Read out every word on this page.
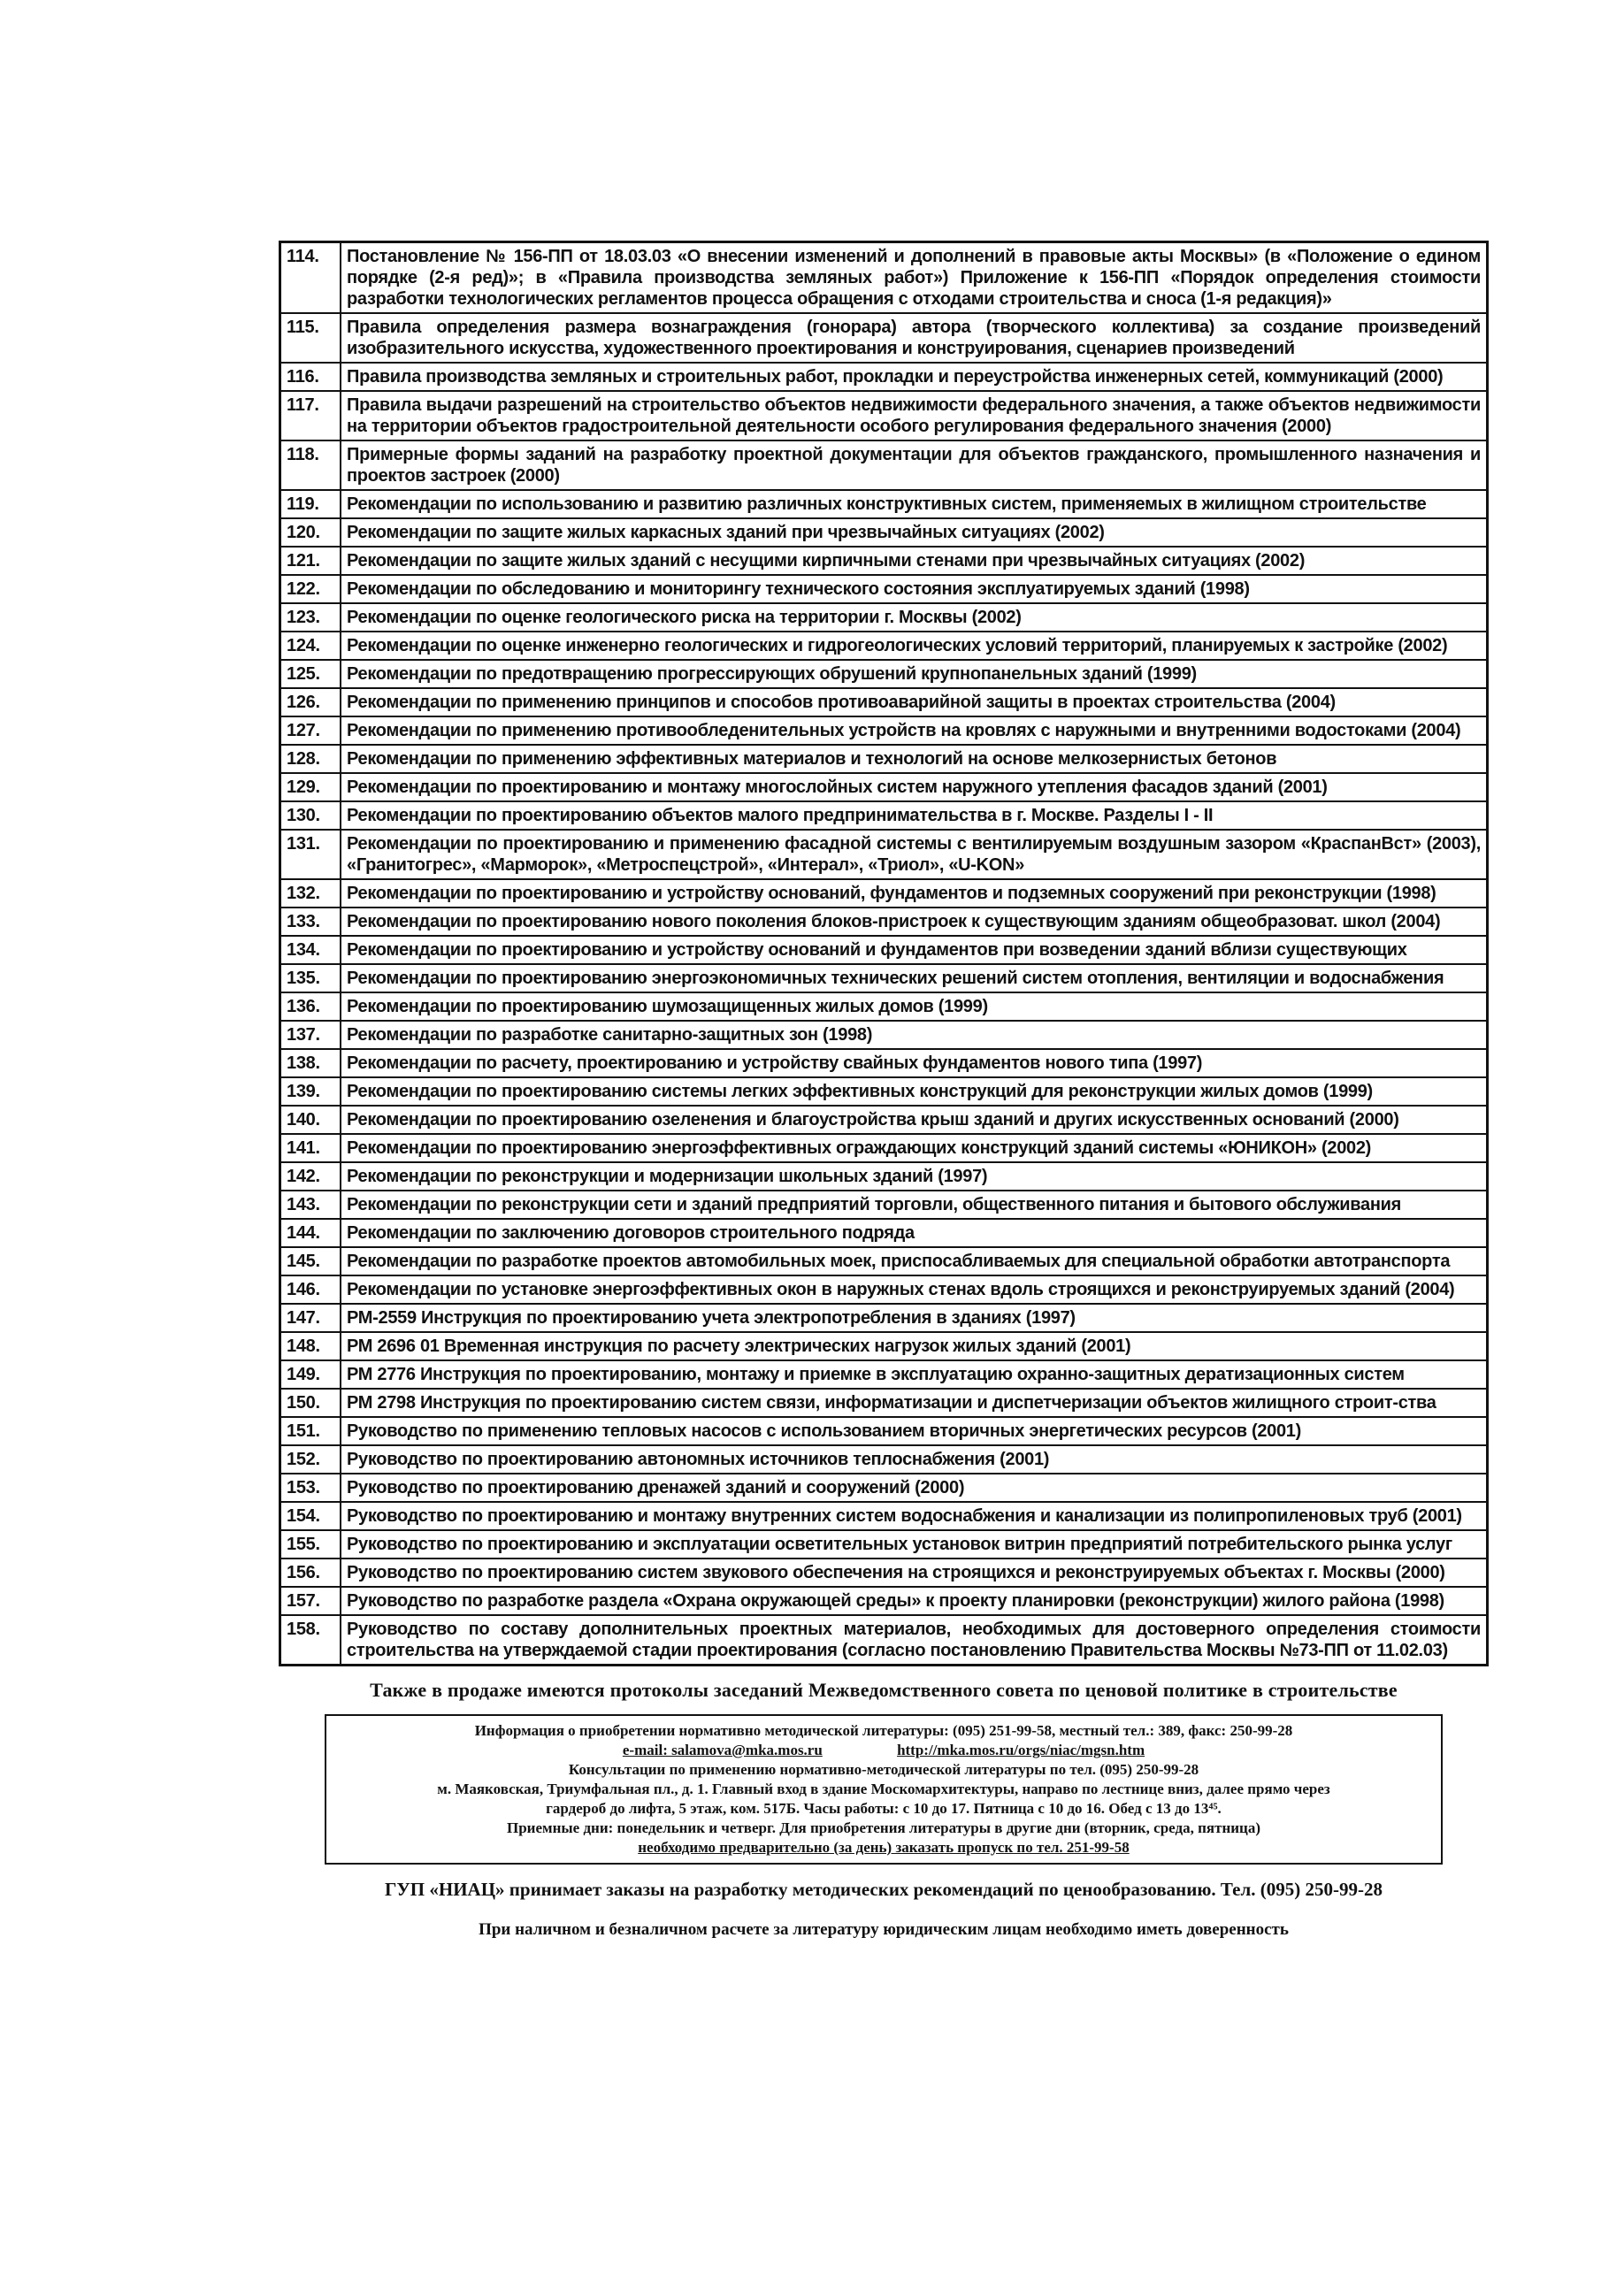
114.	Постановление № 156-ПП от 18.03.03 «О внесении изменений и дополнений в правовые акты Москвы» (в «Положение о едином порядке (2-я ред)»; в «Правила производства земляных работ») Приложение к 156-ПП «Порядок определения стоимости разработки технологических регламентов процесса обращения с отходами строительства и сноса (1-я редакция)»
115.	Правила определения размера вознаграждения (гонорара) автора (творческого коллектива) за создание произведений изобразительного искусства, художественного проектирования и конструирования, сценариев произведений
116.	Правила производства земляных и строительных работ, прокладки и переустройства инженерных сетей, коммуникаций (2000)
117.	Правила выдачи разрешений на строительство объектов недвижимости федерального значения, а также объектов недвижимости на территории объектов градостроительной деятельности особого регулирования федерального значения (2000)
118.	Примерные формы заданий на разработку проектной документации для объектов гражданского, промышленного назначения и проектов застроек (2000)
119.	Рекомендации по использованию и развитию различных конструктивных систем, применяемых в жилищном строительстве
120.	Рекомендации по защите жилых каркасных зданий при чрезвычайных ситуациях (2002)
121.	Рекомендации по защите жилых зданий с несущими кирпичными стенами при чрезвычайных ситуациях (2002)
122.	Рекомендации по обследованию и мониторингу технического состояния эксплуатируемых зданий (1998)
123.	Рекомендации по оценке геологического риска на территории г. Москвы (2002)
124.	Рекомендации по оценке инженерно геологических и гидрогеологических условий территорий, планируемых к застройке (2002)
125.	Рекомендации по предотвращению прогрессирующих обрушений крупнопанельных зданий (1999)
126.	Рекомендации по применению принципов и способов противоаварийной защиты в проектах строительства (2004)
127.	Рекомендации по применению противообледенительных устройств на кровлях с наружными и внутренними водостоками (2004)
128.	Рекомендации по применению эффективных материалов и технологий на основе мелкозернистых бетонов
129.	Рекомендации по проектированию и монтажу многослойных систем наружного утепления фасадов зданий (2001)
130.	Рекомендации по проектированию объектов малого предпринимательства в г. Москве. Разделы I - II
131.	Рекомендации по проектированию и применению фасадной системы с вентилируемым воздушным зазором «КраспанВст» (2003), «Гранитогрес», «Марморок», «Метроспецстрой», «Интерал», «Триол», «U-KON»
132.	Рекомендации по проектированию и устройству оснований, фундаментов и подземных сооружений при реконструкции (1998)
133.	Рекомендации по проектированию нового поколения блоков-пристроек к существующим зданиям общеобразоват. школ (2004)
134.	Рекомендации по проектированию и устройству оснований и фундаментов при возведении зданий вблизи существующих
135.	Рекомендации по проектированию энергоэкономичных технических решений систем отопления, вентиляции и водоснабжения
136.	Рекомендации по проектированию шумозащищенных жилых домов (1999)
137.	Рекомендации по разработке санитарно-защитных зон (1998)
138.	Рекомендации по расчету, проектированию и устройству свайных фундаментов нового типа (1997)
139.	Рекомендации по проектированию системы легких эффективных конструкций для реконструкции жилых домов (1999)
140.	Рекомендации по проектированию озеленения и благоустройства крыш зданий и других искусственных оснований (2000)
141.	Рекомендации по проектированию энергоэффективных ограждающих конструкций зданий системы «ЮНИКОН» (2002)
142.	Рекомендации по реконструкции и модернизации школьных зданий (1997)
143.	Рекомендации по реконструкции сети и зданий предприятий торговли, общественного питания и бытового обслуживания
144.	Рекомендации по заключению договоров строительного подряда
145.	Рекомендации по разработке проектов автомобильных моек, приспосабливаемых для специальной обработки автотранспорта
146.	Рекомендации по установке энергоэффективных окон в наружных стенах вдоль строящихся и реконструируемых зданий (2004)
147.	РМ-2559 Инструкция по проектированию учета электропотребления в зданиях (1997)
148.	РМ 2696 01 Временная инструкция по расчету электрических нагрузок жилых зданий (2001)
149.	РМ 2776 Инструкция по проектированию, монтажу и приемке в эксплуатацию охранно-защитных дератизационных систем
150.	РМ 2798 Инструкция по проектированию систем связи, информатизации и диспетчеризации объектов жилищного строит-ства
151.	Руководство по применению тепловых насосов с использованием вторичных энергетических ресурсов (2001)
152.	Руководство по проектированию автономных источников теплоснабжения (2001)
153.	Руководство по проектированию дренажей зданий и сооружений (2000)
154.	Руководство по проектированию и монтажу внутренних систем водоснабжения и канализации из полипропиленовых труб (2001)
155.	Руководство по проектированию и эксплуатации осветительных установок витрин предприятий потребительского рынка услуг
156.	Руководство по проектированию систем звукового обеспечения на строящихся и реконструируемых объектах г. Москвы (2000)
157.	Руководство по разработке раздела «Охрана окружающей среды» к проекту планировки (реконструкции) жилого района (1998)
158.	Руководство по составу дополнительных проектных материалов, необходимых для достоверного определения стоимости строительства на утверждаемой стадии проектирования (согласно постановлению Правительства Москвы №73-ПП от 11.02.03)
Также в продаже имеются протоколы заседаний Межведомственного совета по ценовой политике в строительстве
Информация о приобретении нормативно методической литературы: (095) 251-99-58, местный тел.: 389, факс: 250-99-28
e-mail: salamova@mka.mos.ru	http://mka.mos.ru/orgs/niac/mgsn.htm
Консультации по применению нормативно-методической литературы по тел. (095) 250-99-28
м. Маяковская, Триумфальная пл., д. 1. Главный вход в здание Москомархитектуры, направо по лестнице вниз, далее прямо через
гардероб до лифта, 5 этаж, ком. 517Б. Часы работы: с 10 до 17. Пятница с 10 до 16. Обед с 13 до 13⁴⁵.
Приемные дни: понедельник и четверг. Для приобретения литературы в другие дни (вторник, среда, пятница)
необходимо предварительно (за день) заказать пропуск по тел. 251-99-58
ГУП «НИАЦ» принимает заказы на разработку методических рекомендаций по ценообразованию. Тел. (095) 250-99-28
При наличном и безналичном расчете за литературу юридическим лицам необходимо иметь доверенность
